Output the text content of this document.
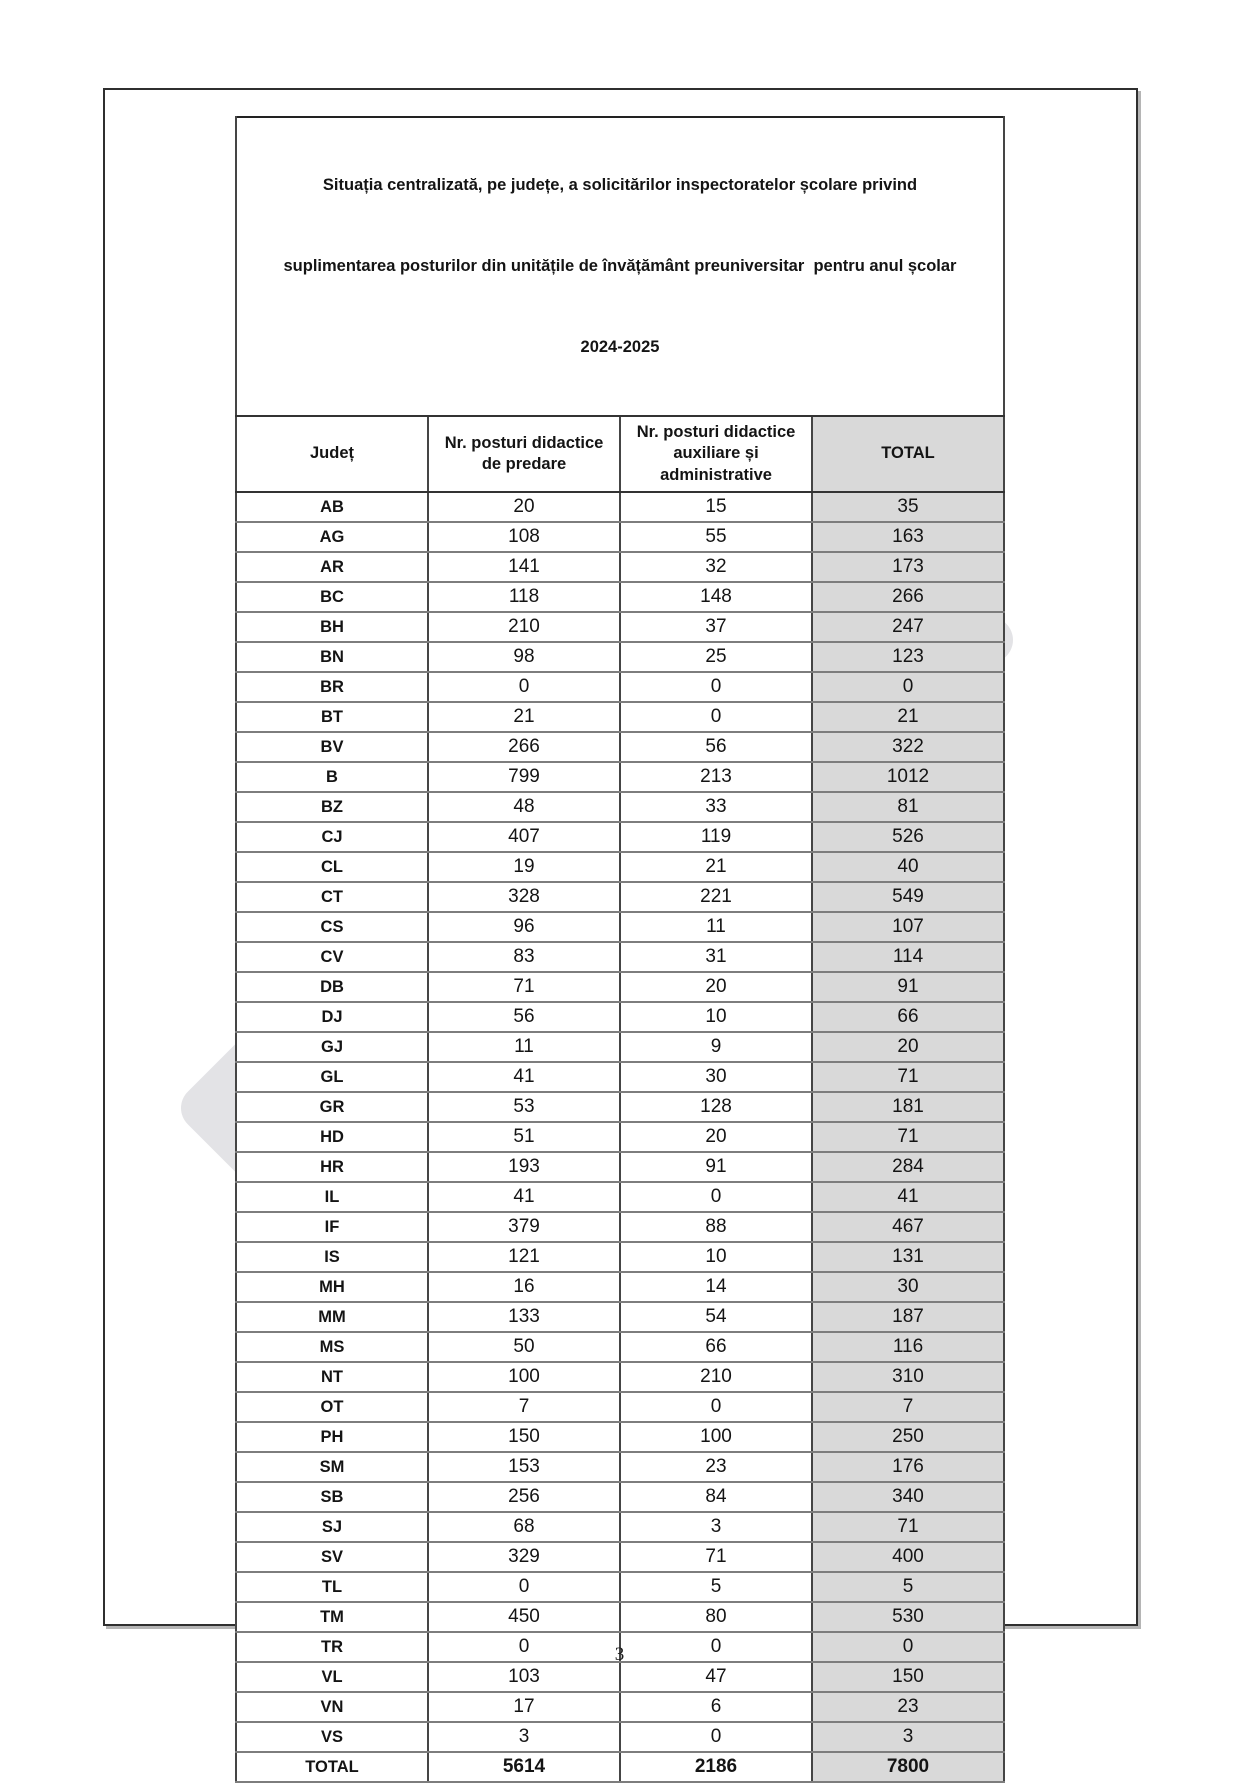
Situația centralizată, pe județe, a solicitărilor inspectoratelor școlare privind

suplimentarea posturilor din unitățile de învățământ preuniversitar  pentru anul școlar

2024-2025			

Județ	Nr. posturi didactice de predare	Nr. posturi didactice auxiliare și administrative	TOTAL
AB	20	15	35
AG	108	55	163
AR	141	32	173
BC	118	148	266
BH	210	37	247
BN	98	25	123
BR	0	0	0
BT	21	0	21
BV	266	56	322
B	799	213	1012
BZ	48	33	81
CJ	407	119	526
CL	19	21	40
CT	328	221	549
CS	96	11	107
CV	83	31	114
DB	71	20	91
DJ	56	10	66
GJ	11	9	20
GL	41	30	71
GR	53	128	181
HD	51	20	71
HR	193	91	284
IL	41	0	41
IF	379	88	467
IS	121	10	131
MH	16	14	30
MM	133	54	187
MS	50	66	116
NT	100	210	310
OT	7	0	7
PH	150	100	250
SM	153	23	176
SB	256	84	340
SJ	68	3	71
SV	329	71	400
TL	0	5	5
TM	450	80	530
TR	0	0	0
VL	103	47	150
VN	17	6	23
VS	3	0	3
TOTAL	5614	2186	7800
3
